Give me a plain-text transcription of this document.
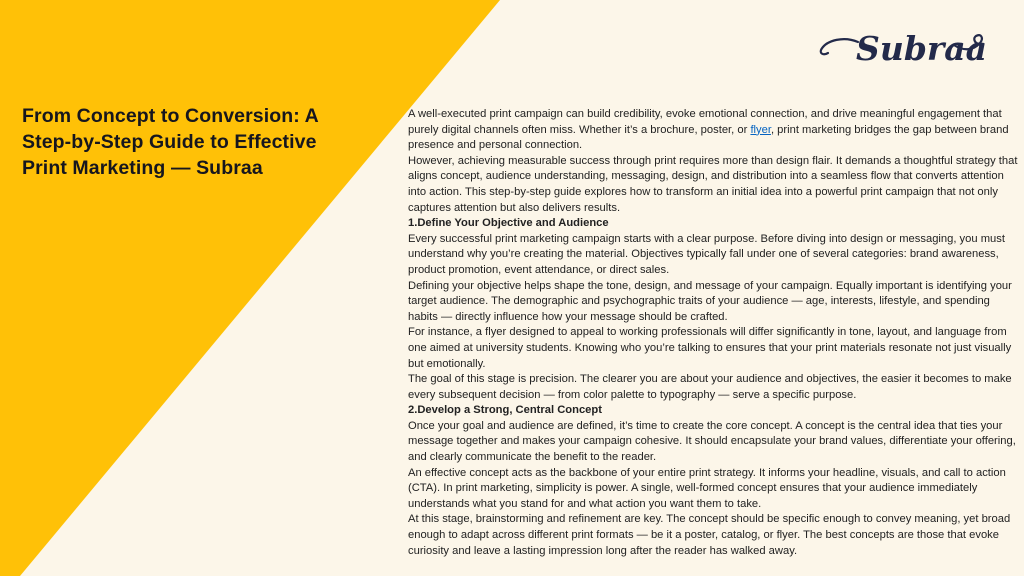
From Concept to Conversion: A
Step-by-Step Guide to Effective
Print Marketing — Subraa
Subraa

A well-executed print campaign can build credibility, evoke emotional connection, and drive meaningful engagement that purely digital channels often miss. Whether it’s a brochure, poster, or flyer, print marketing bridges the gap between brand presence and personal connection.

However, achieving measurable success through print requires more than design flair. It demands a thoughtful strategy that aligns concept, audience understanding, messaging, design, and distribution into a seamless flow that converts attention into action. This step-by-step guide explores how to transform an initial idea into a powerful print campaign that not only captures attention but also delivers results.

1.Define Your Objective and Audience

Every successful print marketing campaign starts with a clear purpose. Before diving into design or messaging, you must understand why you’re creating the material. Objectives typically fall under one of several categories: brand awareness, product promotion, event attendance, or direct sales.

Defining your objective helps shape the tone, design, and message of your campaign. Equally important is identifying your target audience. The demographic and psychographic traits of your audience — age, interests, lifestyle, and spending habits — directly influence how your message should be crafted.

For instance, a flyer designed to appeal to working professionals will differ significantly in tone, layout, and language from one aimed at university students. Knowing who you’re talking to ensures that your print materials resonate not just visually but emotionally.

The goal of this stage is precision. The clearer you are about your audience and objectives, the easier it becomes to make every subsequent decision — from color palette to typography — serve a specific purpose.

2.Develop a Strong, Central Concept

Once your goal and audience are defined, it’s time to create the core concept. A concept is the central idea that ties your message together and makes your campaign cohesive. It should encapsulate your brand values, differentiate your offering, and clearly communicate the benefit to the reader.

An effective concept acts as the backbone of your entire print strategy. It informs your headline, visuals, and call to action (CTA). In print marketing, simplicity is power. A single, well-formed concept ensures that your audience immediately understands what you stand for and what action you want them to take.

At this stage, brainstorming and refinement are key. The concept should be specific enough to convey meaning, yet broad enough to adapt across different print formats — be it a poster, catalog, or flyer. The best concepts are those that evoke curiosity and leave a lasting impression long after the reader has walked away.
